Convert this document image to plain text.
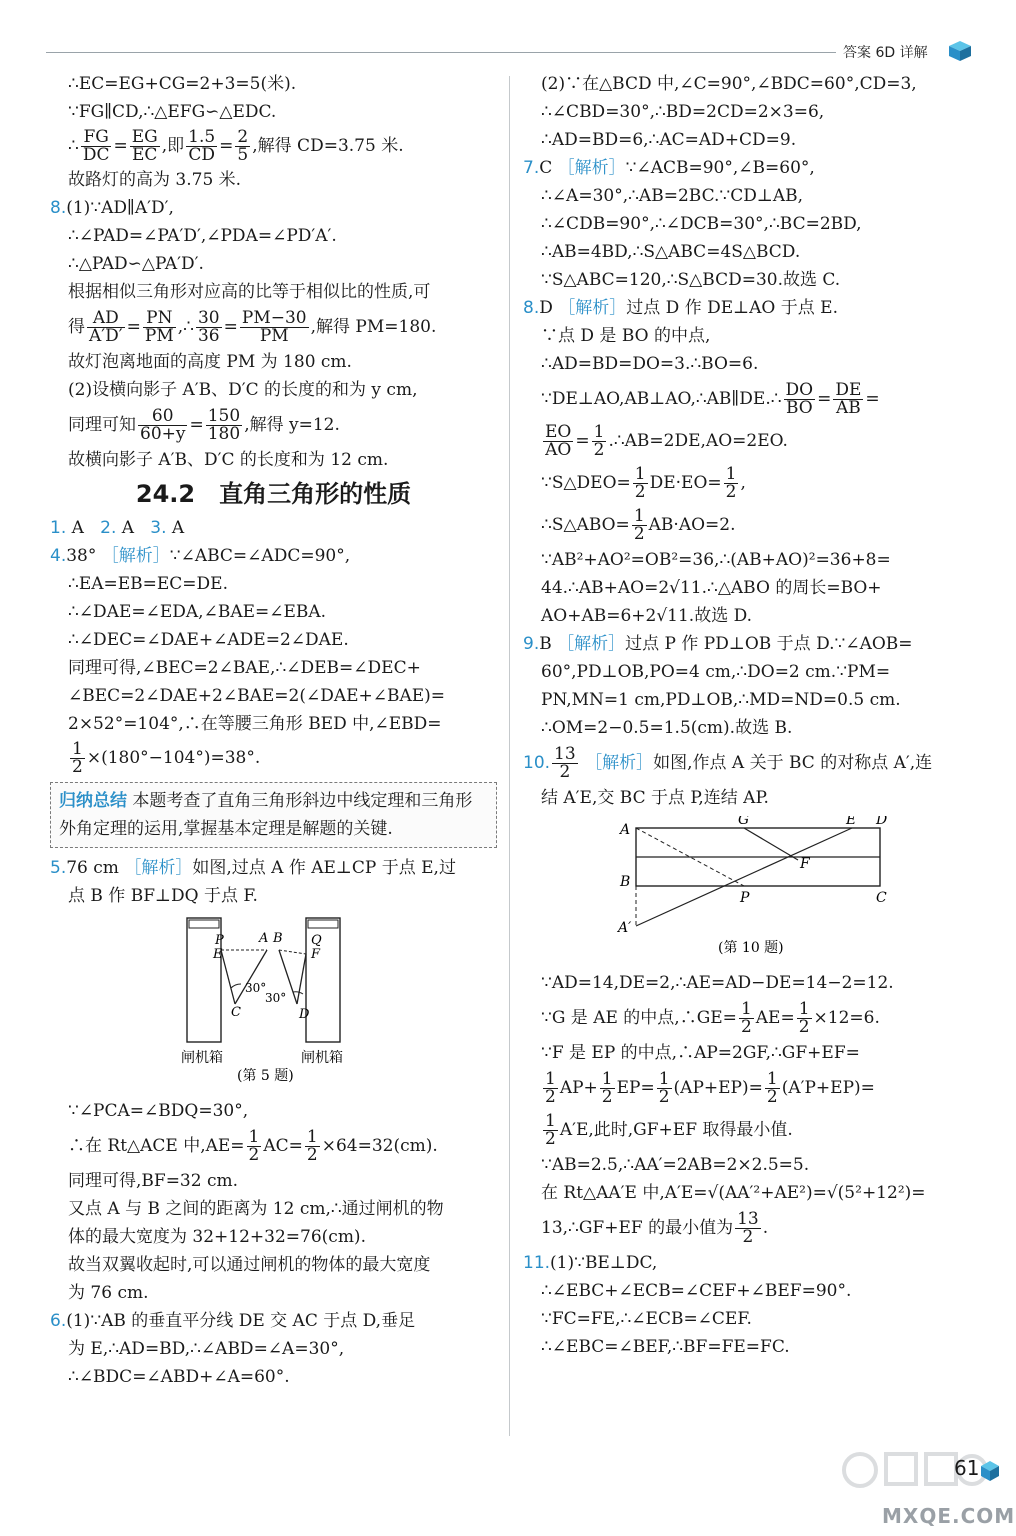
答案 6D 详解
∴EC=EG+CG=2+3=5(米).
∵FG∥CD,∴△EFG∽△EDC.
∴ $\frac{FG}{DC} = \frac{EG}{EC}$ ,即 $\frac{1.5}{CD} = \frac{2}{5}$ ,解得 CD=3.75 米.
故路灯的高为 3.75 米.
8.(1)∵AD∥A′D′,
∴∠PAD=∠PA′D′,∠PDA=∠PD′A′.
∴△PAD∽△PA′D′.
根据相似三角形对应高的比等于相似比的性质,可
得 $\frac{AD}{A'D'} = \frac{PN}{PM}$ ,∴ $\frac{30}{36} = \frac{PM-30}{PM}$ ,解得 PM=180.
故灯泡离地面的高度 PM 为 180 cm.
(2)设横向影子 A′B、D′C 的长度的和为 y cm,
同理可知 $\frac{60}{60+y} = \frac{150}{180}$ ,解得 y=12.
故横向影子 A′B、D′C 的长度和为 12 cm.
24.2　直角三角形的性质
1. A 2. A 3. A
4.38° ［解析］∵∠ABC=∠ADC=90°,
∴EA=EB=EC=DE.
∴∠DAE=∠EDA,∠BAE=∠EBA.
∴∠DEC=∠DAE+∠ADE=2∠DAE.
同理可得,∠BEC=2∠BAE,∴∠DEB=∠DEC+
∠BEC=2∠DAE+2∠BAE=2(∠DAE+∠BAE)=
2×52°=104°,∴在等腰三角形 BED 中,∠EBD=
$\frac{1}{2} \times(180^\circ-104^\circ)=38^\circ$.
归纳总结 本题考查了直角三角形斜边中线定理和三角形外角定理的运用,掌握基本定理是解题的关键.
5.76 cm ［解析］如图,过点 A 作 AE⊥CP 于点 E,过
点 B 作 BF⊥DQ 于点 F.
P
E
A B Q
F
C	D
30°
30°
闸机箱	闸机箱
(第 5 题)
∵∠PCA=∠BDQ=30°,
∴在 Rt△ACE 中$,AE= \frac{1}{2} AC= \frac{1}{2} \times 64=32(cm)$.
同理可得,BF=32 cm.
又点 A 与 B 之间的距离为 12 cm,∴通过闸机的物
体的最大宽度为 32+12+32=76(cm).
故当双翼收起时,可以通过闸机的物体的最大宽度
为 76 cm.
6.(1)∵AB 的垂直平分线 DE 交 AC 于点 D,垂足
为 E,∴AD=BD,∴∠ABD=∠A=30°,
∴∠BDC=∠ABD+∠A=60°.
(2)∵在△BCD 中,∠C=90°,∠BDC=60°,CD=3,
∴∠CBD=30°,∴BD=2CD=2×3=6,
∴AD=BD=6,∴AC=AD+CD=9.
7.C ［解析］∵∠ACB=90°,∠B=60°,
∴∠A=30°,∴AB=2BC.∵CD⊥AB,
∴∠CDB=90°,∴∠DCB=30°,∴BC=2BD,
∴AB=4BD,∴S△ABC=4S△BCD.
∵S△ABC=120,∴S△BCD=30.故选 C.
8.D ［解析］过点 D 作 DE⊥AO 于点 E.
∵点 D 是 BO 的中点,
∴AD=BD=DO=3.∴BO=6.
∵DE⊥AO,AB⊥AO,∴AB∥DE.∴ $\frac{DO}{BO} = \frac{DE}{AB}$ =
$\frac{EO}{AO} = \frac{1}{2}$ .∴AB=2DE,AO=2EO.
∵S△DEO= $\frac{1}{2} DE\cdot EO= \frac{1}{2}$ ,
∴S△ABO= $\frac{1}{2} AB\cdot AO=2$.
∵AB²+AO²=OB²=36,∴(AB+AO)²=36+8=
44.∴AB+AO=2√11.∴△ABO 的周长=BO+
AO+AB=6+2√11.故选 D.
9.B ［解析］过点 P 作 PD⊥OB 于点 D.∵∠AOB=
60°,PD⊥OB,PO=4 cm,∴DO=2 cm.∵PM=
PN,MN=1 cm,PD⊥OB,∴MD=ND=0.5 cm.
∴OM=2−0.5=1.5(cm).故选 B.
10. $\frac{13}{2}$ ［解析］如图,作点 A 关于 BC 的对称点 A′,连
结 A′E,交 BC 于点 P,连结 AP.
A
G	E D
F
B
P	C
A′
(第 10 题)
∵AD=14,DE=2,∴AE=AD−DE=14−2=12.
∵G 是 AE 的中点,∴GE= $\frac{1}{2} AE= \frac{1}{2} \times 12=6$.
∵F 是 EP 的中点,∴AP=2GF,∴GF+EF=
$\frac{1}{2} AP+ \frac{1}{2} EP= \frac{1}{2} (AP+EP)= \frac{1}{2} (A'P+EP)=$
$\frac{1}{2} A'E$,此时,GF+EF 取得最小值.
∵AB=2.5,∴AA′=2AB=2×2.5=5.
在 Rt△AA′E 中,A′E=√(AA′²+AE²)=√(5²+12²)=
13,∴GF+EF 的最小值为 $\frac{13}{2}$ .
11.(1)∵BE⊥DC,
∴∠EBC+∠ECB=∠CEF+∠BEF=90°.
∵FC=FE,∴∠ECB=∠CEF.
∴∠EBC=∠BEF,∴BF=FE=FC.
MXQE.COM
61
